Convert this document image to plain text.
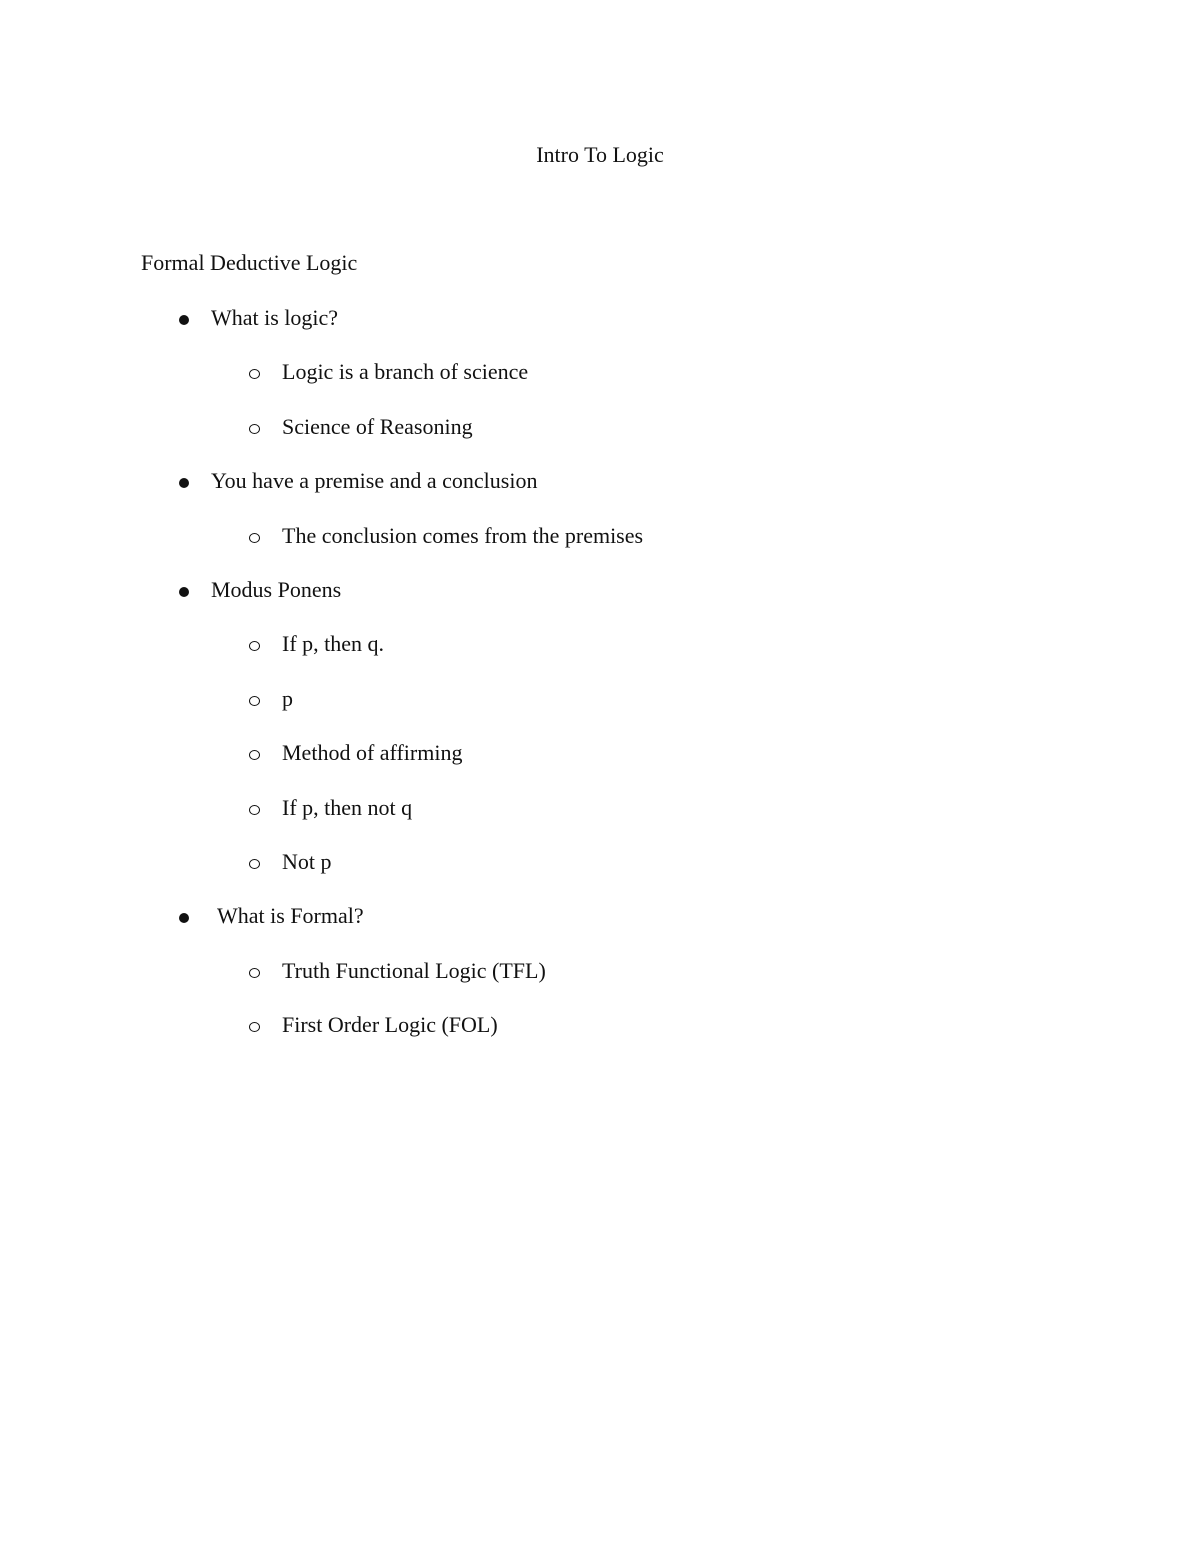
Intro To Logic
Formal Deductive Logic
What is logic?
Logic is a branch of science
Science of Reasoning
You have a premise and a conclusion
The conclusion comes from the premises
Modus Ponens
If p, then q.
p
Method of affirming
If p, then not q
Not p
What is Formal?
Truth Functional Logic (TFL)
First Order Logic (FOL)
